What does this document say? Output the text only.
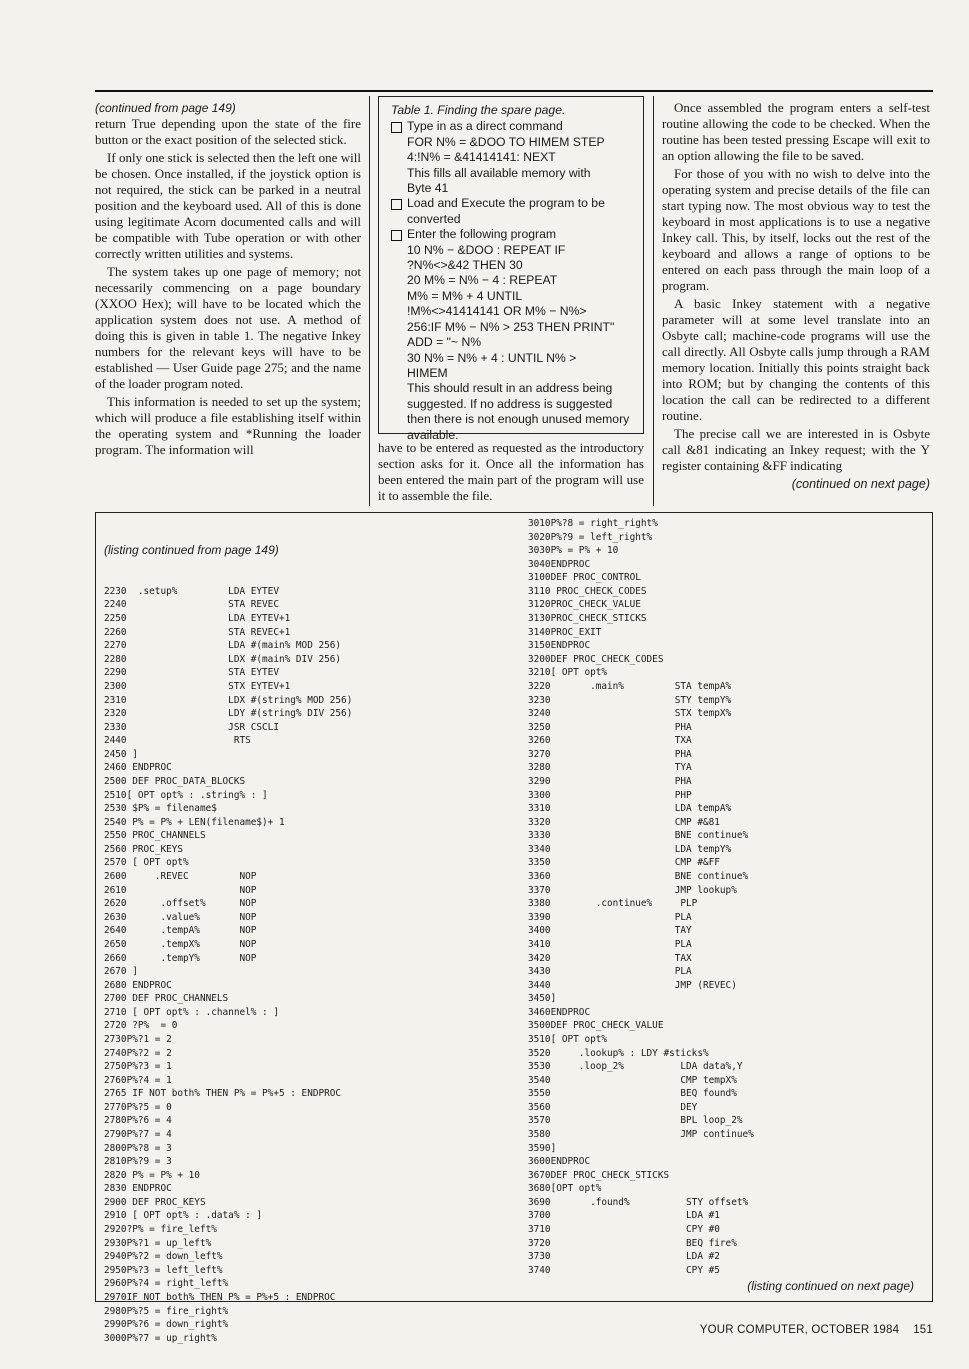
(continued from page 149)

return True depending upon the state of the fire button or the exact position of the selected stick.

If only one stick is selected then the left one will be chosen. Once installed, if the joystick option is not required, the stick can be parked in a neutral position and the keyboard used. All of this is done using legitimate Acorn documented calls and will be compatible with Tube operation or with other correctly written utilities and systems.

The system takes up one page of memory; not necessarily commencing on a page boundary (XXOO Hex); will have to be located which the application system does not use. A method of doing this is given in table 1. The negative Inkey numbers for the relevant keys will have to be established — User Guide page 275; and the name of the loader program noted.

This information is needed to set up the system; which will produce a file establishing itself within the operating system and *Running the loader program. The information will

Table 1. Finding the spare page.
Type in as a direct command
FOR N% = &DOO TO HIMEM STEP
4:!N% = &41414141: NEXT
This fills all available memory with
Byte 41
Load and Execute the program to be converted
Enter the following program
10 N% − &DOO : REPEAT IF
?N%<>&42 THEN 30
20 M% = N% − 4 : REPEAT
M% = M% + 4 UNTIL
!M%<>41414141 OR M% − N%>
256:IF M% − N% > 253 THEN PRINT"
ADD = "~ N%
30 N% = N% + 4 : UNTIL N% >
HIMEM
This should result in an address being suggested. If no address is suggested then there is not enough unused memory available.

have to be entered as requested as the introductory section asks for it. Once all the information has been entered the main part of the program will use it to assemble the file.

Once assembled the program enters a self-test routine allowing the code to be checked. When the routine has been tested pressing Escape will exit to an option allowing the file to be saved.

For those of you with no wish to delve into the operating system and precise details of the file can start typing now. The most obvious way to test the keyboard in most applications is to use a negative Inkey call. This, by itself, locks out the rest of the keyboard and allows a range of options to be entered on each pass through the main loop of a program.

A basic Inkey statement with a negative parameter will at some level translate into an Osbyte call; machine-code programs will use the call directly. All Osbyte calls jump through a RAM memory location. Initially this points straight back into ROM; but by changing the contents of this location the call can be redirected to a different routine.

The precise call we are interested in is Osbyte call &81 indicating an Inkey request; with the Y register containing &FF indicating

(continued on next page)

(listing continued from page 149)

2230  .setup%         LDA EYTEV
2240                  STA REVEC
2250                  LDA EYTEV+1
2260                  STA REVEC+1
2270                  LDA #(main% MOD 256)
2280                  LDX #(main% DIV 256)
2290                  STA EYTEV
2300                  STX EYTEV+1
2310                  LDX #(string% MOD 256)
2320                  LDY #(string% DIV 256)
2330                  JSR CSCLI
2440                   RTS
2450 ]
2460 ENDPROC
2500 DEF PROC_DATA_BLOCKS
2510[ OPT opt% : .string% : ]
2530 $P% = filename$
2540 P% = P% + LEN(filename$)+ 1
2550 PROC_CHANNELS
2560 PROC_KEYS
2570 [ OPT opt%
2600     .REVEC         NOP
2610                    NOP
2620      .offset%      NOP
2630      .value%       NOP
2640      .tempA%       NOP
2650      .tempX%       NOP
2660      .tempY%       NOP
2670 ]
2680 ENDPROC
2700 DEF PROC_CHANNELS
2710 [ OPT opt% : .channel% : ]
2720 ?P%  = 0
2730P%?1 = 2
2740P%?2 = 2
2750P%?3 = 1
2760P%?4 = 1
2765 IF NOT both% THEN P% = P%+5 : ENDPROC
2770P%?5 = 0
2780P%?6 = 4
2790P%?7 = 4
2800P%?8 = 3
2810P%?9 = 3
2820 P% = P% + 10
2830 ENDPROC
2900 DEF PROC_KEYS
2910 [ OPT opt% : .data% : ]
2920?P% = fire_left%
2930P%?1 = up_left%
2940P%?2 = down_left%
2950P%?3 = left_left%
2960P%?4 = right_left%
2970IF NOT both% THEN P% = P%+5 : ENDPROC
2980P%?5 = fire_right%
2990P%?6 = down_right%
3000P%?7 = up_right%
3010P%?8 = right_right%
3020P%?9 = left_right%
3030P% = P% + 10
3040ENDPROC
3100DEF PROC_CONTROL
3110 PROC_CHECK_CODES
3120PROC_CHECK_VALUE
3130PROC_CHECK_STICKS
3140PROC_EXIT
3150ENDPROC
3200DEF PROC_CHECK_CODES
3210[ OPT opt%
3220       .main%         STA tempA%
3230                      STY tempY%
3240                      STX tempX%
3250                      PHA
3260                      TXA
3270                      PHA
3280                      TYA
3290                      PHA
3300                      PHP
3310                      LDA tempA%
3320                      CMP #&81
3330                      BNE continue%
3340                      LDA tempY%
3350                      CMP #&FF
3360                      BNE continue%
3370                      JMP lookup%
3380        .continue%     PLP
3390                      PLA
3400                      TAY
3410                      PLA
3420                      TAX
3430                      PLA
3440                      JMP (REVEC)
3450]
3460ENDPROC
3500DEF PROC_CHECK_VALUE
3510[ OPT opt%
3520     .lookup% : LDY #sticks%
3530     .loop_2%          LDA data%,Y
3540                       CMP tempX%
3550                       BEQ found%
3560                       DEY
3570                       BPL loop_2%
3580                       JMP continue%
3590]
3600ENDPROC
3670DEF PROC_CHECK_STICKS
3680[OPT opt%
3690       .found%          STY offset%
3700                        LDA #1
3710                        CPY #0
3720                        BEQ fire%
3730                        LDA #2
3740                        CPY #5
(listing continued on next page)
YOUR COMPUTER, OCTOBER 1984 151
